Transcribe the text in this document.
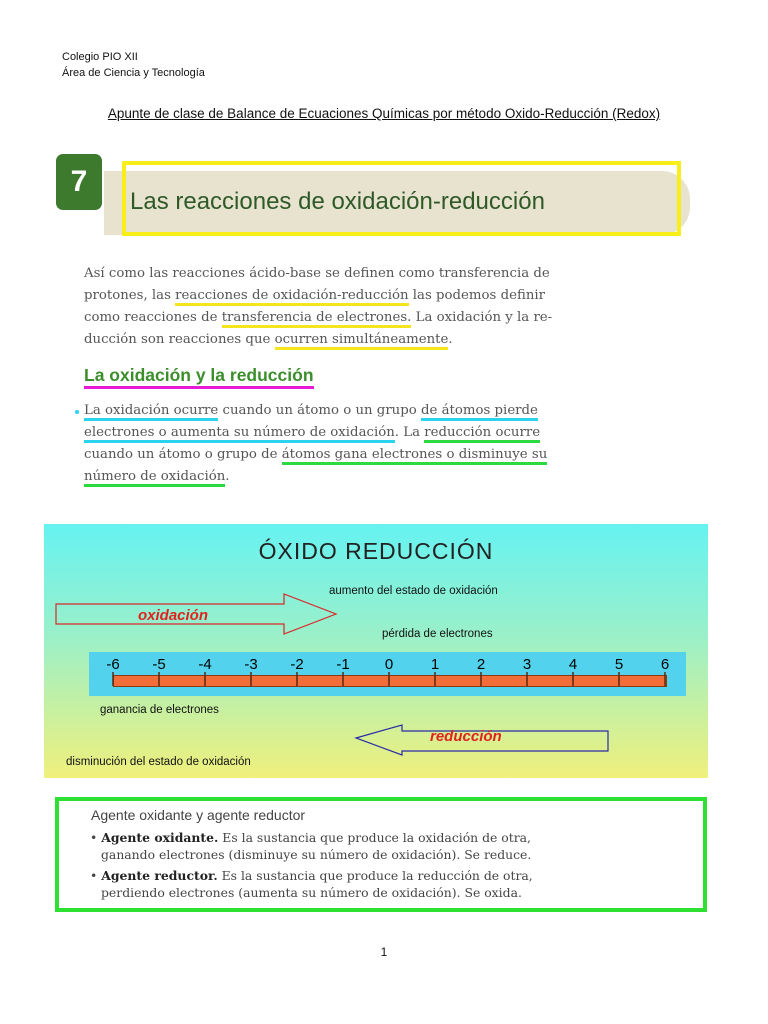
Colegio PIO XII
Área de Ciencia y Tecnología
Apunte de clase de Balance de Ecuaciones Químicas por método Oxido-Reducción (Redox)
7
Las reacciones de oxidación-reducción
Así como las reacciones ácido-base se definen como transferencia de
protones, las reacciones de oxidación-reducción las podemos definir
como reacciones de transferencia de electrones. La oxidación y la re-
ducción son reacciones que ocurren simultáneamente.
La oxidación y la reducción
La oxidación ocurre cuando un átomo o un grupo de átomos pierde
electrones o aumenta su número de oxidación. La reducción ocurre
cuando un átomo o grupo de átomos gana electrones o disminuye su
número de oxidación.
ÓXIDO REDUCCIÓN
aumento del estado de oxidación
oxidación
pérdida de electrones
-6	-5	-4	-3	-2	-1	0	1	2	3	4	5	6
ganancia de electrones
reducción
disminución del estado de oxidación
Agente oxidante y agente reductor
• Agente oxidante. Es la sustancia que produce la oxidación de otra,
ganando electrones (disminuye su número de oxidación). Se reduce.
• Agente reductor. Es la sustancia que produce la reducción de otra,
perdiendo electrones (aumenta su número de oxidación). Se oxida.
1
